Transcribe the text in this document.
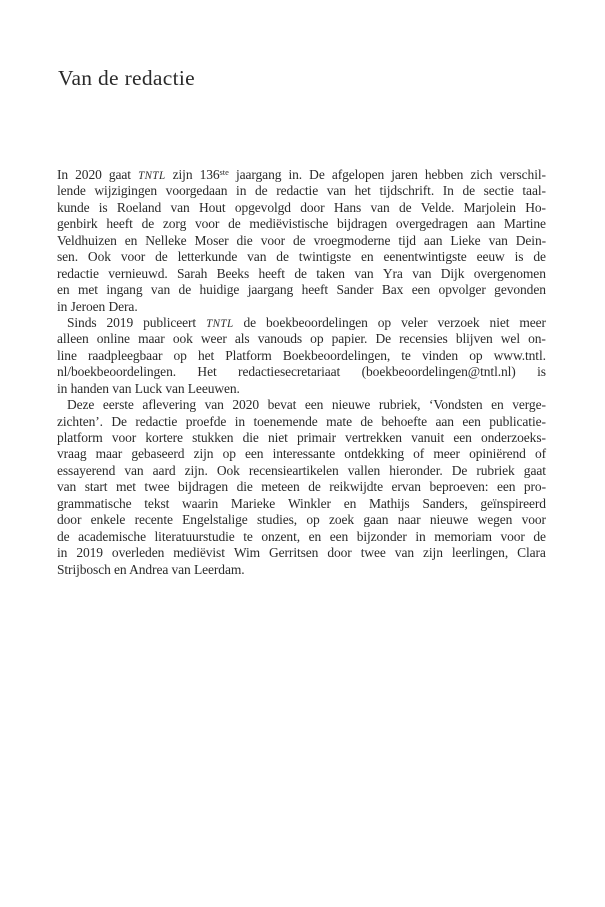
Van de redactie
In 2020 gaat TNTL zijn 136ste jaargang in. De afgelopen jaren hebben zich verschil-
lende wijzigingen voorgedaan in de redactie van het tijdschrift. In de sectie taal-
kunde is Roeland van Hout opgevolgd door Hans van de Velde. Marjolein Ho-
genbirk heeft de zorg voor de mediëvistische bijdragen overgedragen aan Martine
Veldhuizen en Nelleke Moser die voor de vroegmoderne tijd aan Lieke van Dein-
sen. Ook voor de letterkunde van de twintigste en eenentwintigste eeuw is de
redactie vernieuwd. Sarah Beeks heeft de taken van Yra van Dijk overgenomen
en met ingang van de huidige jaargang heeft Sander Bax een opvolger gevonden
in Jeroen Dera.
Sinds 2019 publiceert TNTL de boekbeoordelingen op veler verzoek niet meer
alleen online maar ook weer als vanouds op papier. De recensies blijven wel on-
line raadpleegbaar op het Platform Boekbeoordelingen, te vinden op www.tntl.
nl/boekbeoordelingen. Het redactiesecretariaat (boekbeoordelingen@tntl.nl) is
in handen van Luck van Leeuwen.
Deze eerste aflevering van 2020 bevat een nieuwe rubriek, ‘Vondsten en verge-
zichten’. De redactie proefde in toenemende mate de behoefte aan een publicatie-
platform voor kortere stukken die niet primair vertrekken vanuit een onderzoeks-
vraag maar gebaseerd zijn op een interessante ontdekking of meer opiniërend of
essayerend van aard zijn. Ook recensieartikelen vallen hieronder. De rubriek gaat
van start met twee bijdragen die meteen de reikwijdte ervan beproeven: een pro-
grammatische tekst waarin Marieke Winkler en Mathijs Sanders, geïnspireerd
door enkele recente Engelstalige studies, op zoek gaan naar nieuwe wegen voor
de academische literatuurstudie te onzent, en een bijzonder in memoriam voor de
in 2019 overleden mediëvist Wim Gerritsen door twee van zijn leerlingen, Clara
Strijbosch en Andrea van Leerdam.
